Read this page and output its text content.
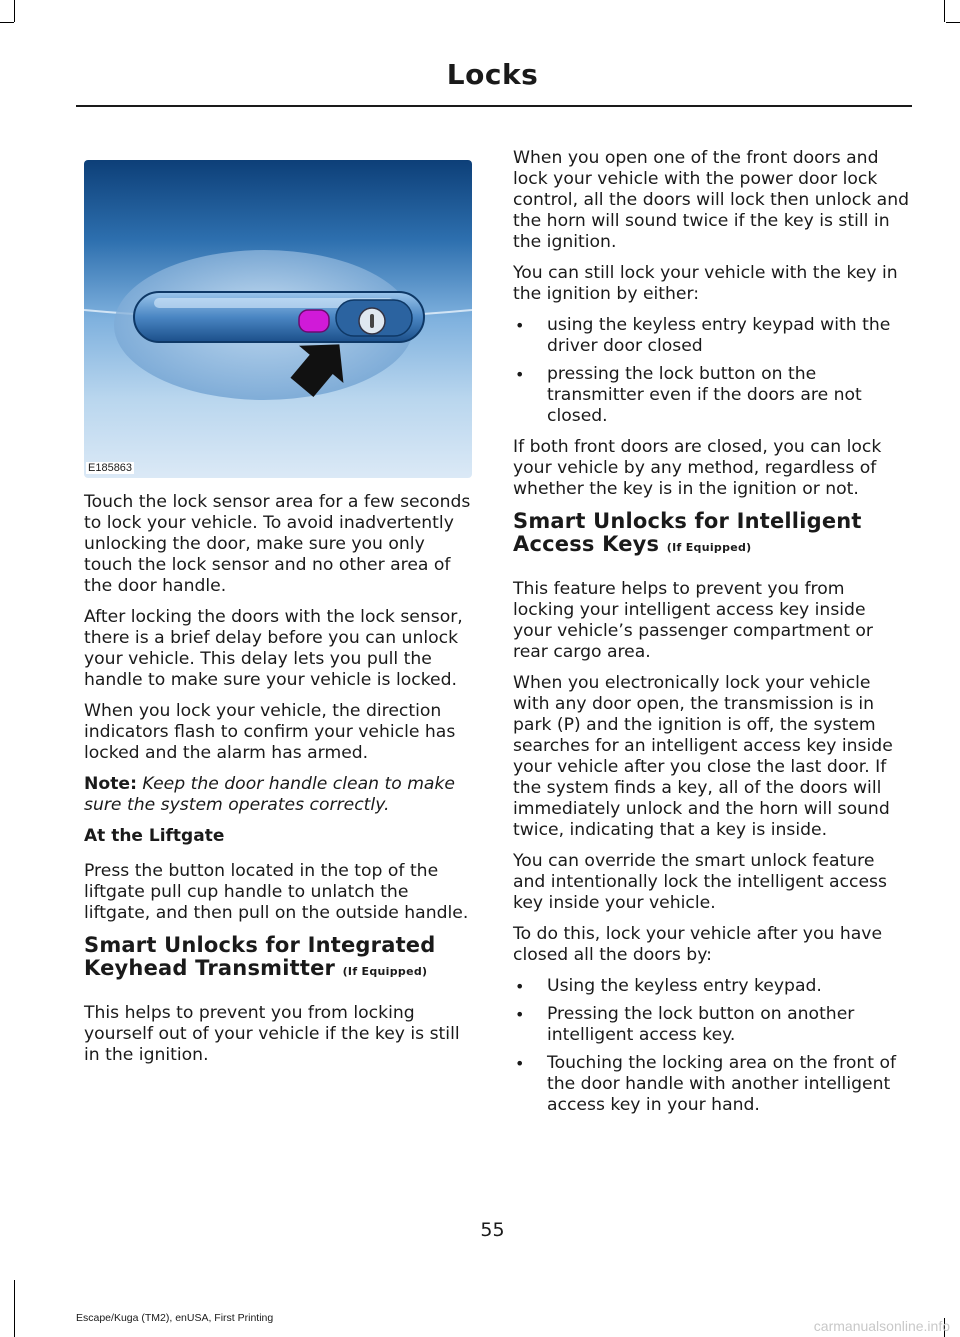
Locks
E185863

Touch the lock sensor area for a few seconds to lock your vehicle. To avoid inadvertently unlocking the door, make sure you only touch the lock sensor and no other area of the door handle.

After locking the doors with the lock sensor, there is a brief delay before you can unlock your vehicle. This delay lets you pull the handle to make sure your vehicle is locked.

When you lock your vehicle, the direction indicators flash to confirm your vehicle has locked and the alarm has armed.

Note: Keep the door handle clean to make sure the system operates correctly.

At the Liftgate

Press the button located in the top of the liftgate pull cup handle to unlatch the liftgate, and then pull on the outside handle.

Smart Unlocks for Integrated Keyhead Transmitter (If Equipped)

This helps to prevent you from locking yourself out of your vehicle if the key is still in the ignition.

When you open one of the front doors and lock your vehicle with the power door lock control, all the doors will lock then unlock and the horn will sound twice if the key is still in the ignition.

You can still lock your vehicle with the key in the ignition by either:

• using the keyless entry keypad with the driver door closed
• pressing the lock button on the transmitter even if the doors are not closed.

If both front doors are closed, you can lock your vehicle by any method, regardless of whether the key is in the ignition or not.

Smart Unlocks for Intelligent Access Keys (If Equipped)

This feature helps to prevent you from locking your intelligent access key inside your vehicle’s passenger compartment or rear cargo area.

When you electronically lock your vehicle with any door open, the transmission is in park (P) and the ignition is off, the system searches for an intelligent access key inside your vehicle after you close the last door. If the system finds a key, all of the doors will immediately unlock and the horn will sound twice, indicating that a key is inside.

You can override the smart unlock feature and intentionally lock the intelligent access key inside your vehicle.

To do this, lock your vehicle after you have closed all the doors by:

• Using the keyless entry keypad.
• Pressing the lock button on another intelligent access key.
• Touching the locking area on the front of the door handle with another intelligent access key in your hand.
55
Escape/Kuga (TM2), enUSA, First Printing	carmanualsonline.info
